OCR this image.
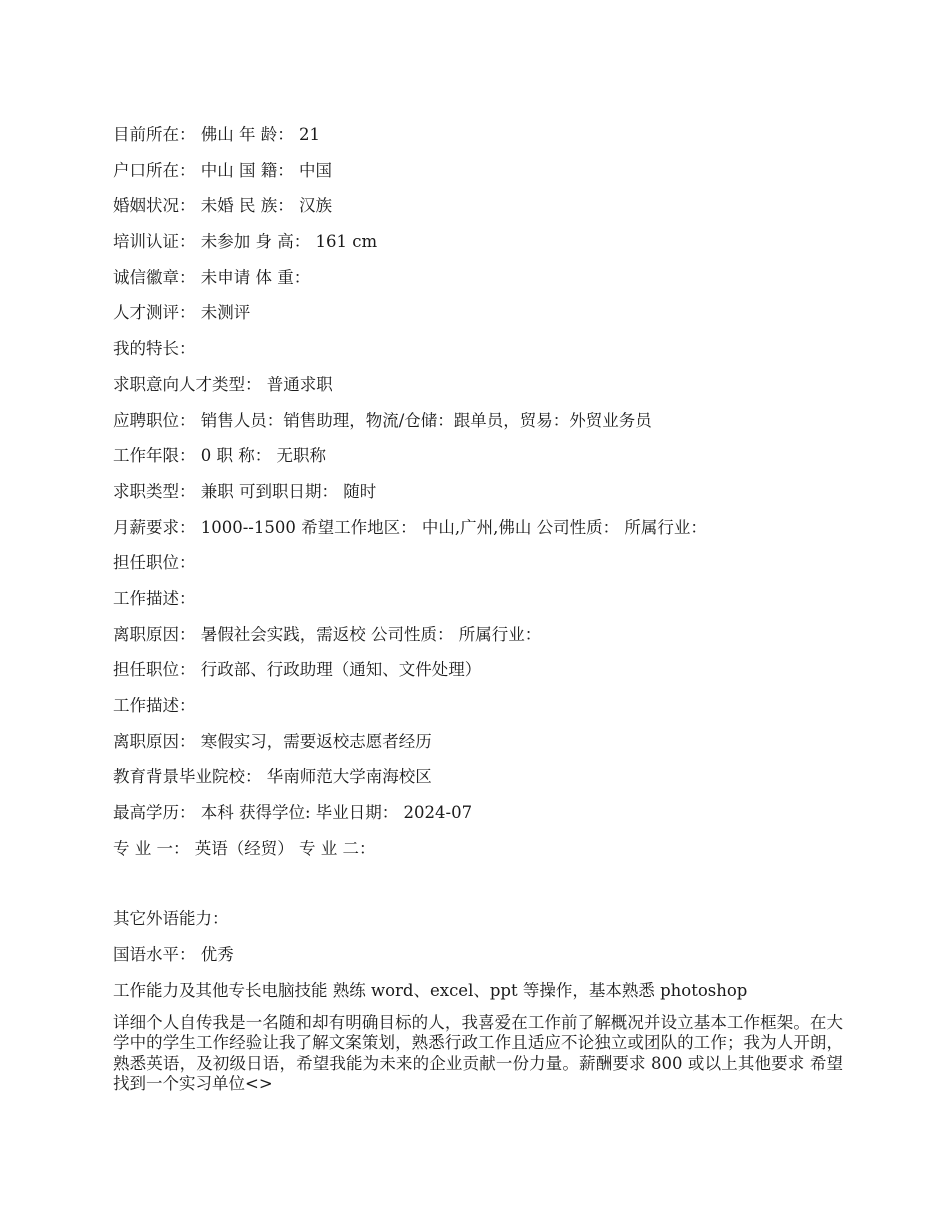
目前所在： 佛山 年 龄： 21
户口所在： 中山 国 籍： 中国
婚姻状况： 未婚 民 族： 汉族
培训认证： 未参加 身 高： 161 cm
诚信徽章： 未申请 体 重：
人才测评： 未测评
我的特长：
求职意向人才类型： 普通求职
应聘职位： 销售人员：销售助理，物流/仓储：跟单员，贸易：外贸业务员
工作年限： 0 职 称： 无职称
求职类型： 兼职 可到职日期： 随时
月薪要求： 1000--1500 希望工作地区： 中山,广州,佛山 公司性质： 所属行业：
担任职位：
工作描述：
离职原因： 暑假社会实践，需返校 公司性质： 所属行业：
担任职位： 行政部、行政助理（通知、文件处理）
工作描述：
离职原因： 寒假实习，需要返校志愿者经历
教育背景毕业院校： 华南师范大学南海校区
最高学历： 本科 获得学位: 毕业日期： 2024-07
专 业 一： 英语（经贸） 专 业 二：
其它外语能力：
国语水平： 优秀
工作能力及其他专长电脑技能 熟练 word、excel、ppt 等操作，基本熟悉 photoshop
详细个人自传我是一名随和却有明确目标的人，我喜爱在工作前了解概况并设立基本工作框架。在大学中的学生工作经验让我了解文案策划，熟悉行政工作且适应不论独立或团队的工作；我为人开朗，熟悉英语，及初级日语，希望我能为未来的企业贡献一份力量。薪酬要求 800 或以上其他要求 希望找到一个实习单位<>
